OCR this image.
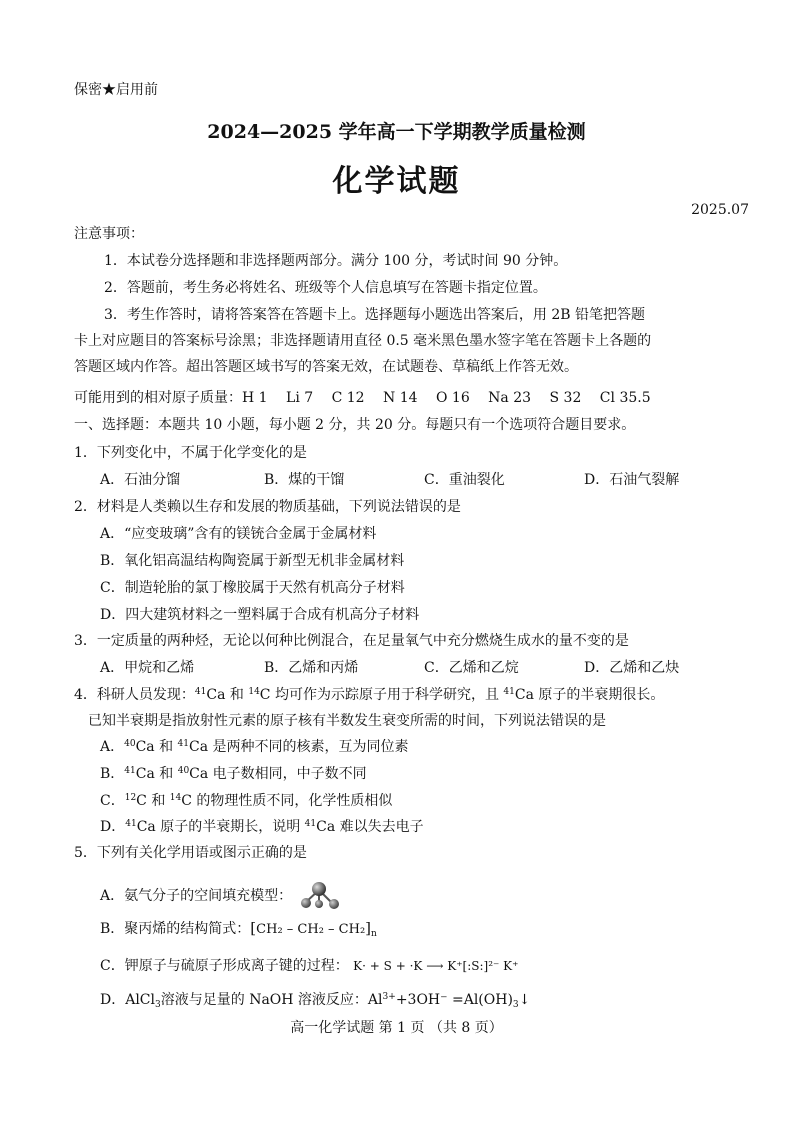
保密★启用前
2024—2025 学年高一下学期教学质量检测
化学试题
2025.07
注意事项：
1．本试卷分选择题和非选择题两部分。满分 100 分，考试时间 90 分钟。
2．答题前，考生务必将姓名、班级等个人信息填写在答题卡指定位置。
3．考生作答时，请将答案答在答题卡上。选择题每小题选出答案后，用 2B 铅笔把答题
卡上对应题目的答案标号涂黑；非选择题请用直径 0.5 毫米黑色墨水签字笔在答题卡上各题的
答题区域内作答。超出答题区域书写的答案无效，在试题卷、草稿纸上作答无效。
可能用到的相对原子质量：H 1　 Li 7　 C 12　 N 14　 O 16　 Na 23　 S 32　 Cl 35.5
一、选择题：本题共 10 小题，每小题 2 分，共 20 分。每题只有一个选项符合题目要求。
1．下列变化中，不属于化学变化的是
A．石油分馏	B．煤的干馏	C．重油裂化	D．石油气裂解
2．材料是人类赖以生存和发展的物质基础，下列说法错误的是
A．“应变玻璃”含有的镁铳合金属于金属材料
B．氧化铝高温结构陶瓷属于新型无机非金属材料
C．制造轮胎的氯丁橡胶属于天然有机高分子材料
D．四大建筑材料之一塑料属于合成有机高分子材料
3．一定质量的两种烃，无论以何种比例混合，在足量氧气中充分燃烧生成水的量不变的是
A．甲烷和乙烯	B．乙烯和丙烯	C．乙烯和乙烷	D．乙烯和乙炔
4．科研人员发现：$^{41}$Ca 和 $^{14}$C 均可作为示踪原子用于科学研究，且 $^{41}$Ca 原子的半衰期很长。
已知半衰期是指放射性元素的原子核有半数发生衰变所需的时间，下列说法错误的是
A．$^{40}$Ca 和 $^{41}$Ca 是两种不同的核素，互为同位素
B．$^{41}$Ca 和 $^{40}$Ca 电子数相同，中子数不同
C．$^{12}$C 和 $^{14}$C 的物理性质不同，化学性质相似
D．$^{41}$Ca 原子的半衰期长，说明 $^{41}$Ca 难以失去电子
5．下列有关化学用语或图示正确的是
A．氨气分子的空间填充模型：
B．聚丙烯的结构简式：$[CH_2 - CH_2 - CH_2]_n$
C．钾原子与硫原子形成离子键的过程： K· + S + ·K ⟶ K⁺[:S:]²⁻ K⁺
D．AlCl$_3$溶液与足量的 NaOH 溶液反应：$Al^{3+}+3OH^-$ $=Al(OH)_3↓$
高一化学试题 第 1 页 （共 8 页）
